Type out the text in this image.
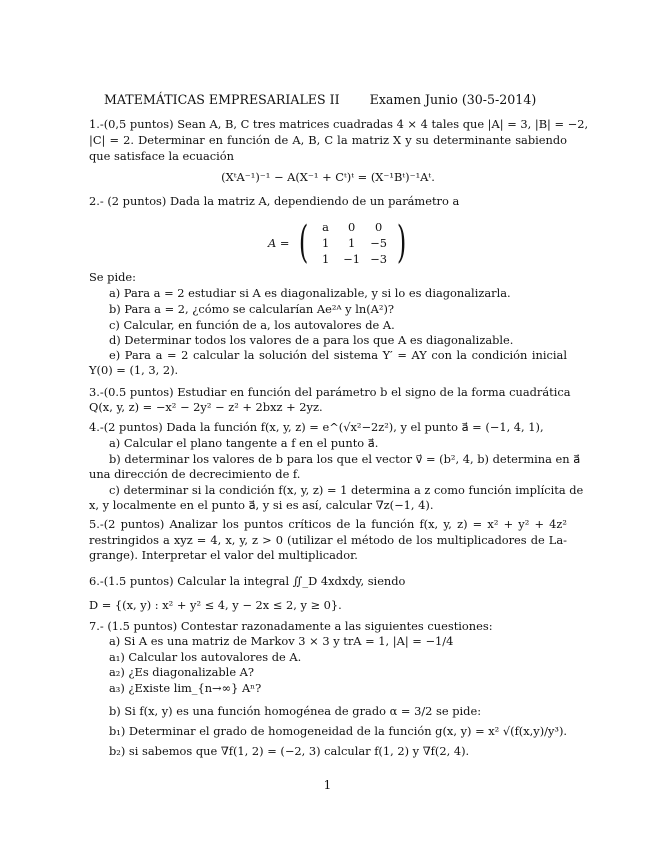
MATEMÁTICAS EMPRESARIALES II Examen Junio (30-5-2014)
1.-(0,5 puntos) Sean A, B, C tres matrices cuadradas 4 × 4 tales que |A| = 3, |B| = −2,
|C| = 2. Determinar en función de A, B, C la matriz X y su determinante sabiendo
que satisface la ecuación
(XᵗA⁻¹)⁻¹ − A(X⁻¹ + Cᵗ)ᵗ = (X⁻¹Bᵗ)⁻¹Aᵗ.
2.- (2 puntos) Dada la matriz A, dependiendo de un parámetro a
A = (	a	0	0
1	1	−5
1	−1 −3 )
Se pide:
a) Para a = 2 estudiar si A es diagonalizable, y si lo es diagonalizarla.
b) Para a = 2, ¿cómo se calcularían Ae²ᴬ y ln(A²)?
c) Calcular, en función de a, los autovalores de A.
d) Determinar todos los valores de a para los que A es diagonalizable.
e) Para a = 2 calcular la solución del sistema Y′ = AY con la condición inicial
Y(0) = (1, 3, 2).
3.-(0.5 puntos) Estudiar en función del parámetro b el signo de la forma cuadrática
Q(x, y, z) = −x² − 2y² − z² + 2bxz + 2yz.
4.-(2 puntos) Dada la función f(x, y, z) = e^(√x²−2z²), y el punto a⃗ = (−1, 4, 1),
a) Calcular el plano tangente a f en el punto a⃗.
b) determinar los valores de b para los que el vector v⃗ = (b², 4, b) determina en a⃗
una dirección de decrecimiento de f.
c) determinar si la condición f(x, y, z) = 1 determina a z como función implícita de
x, y localmente en el punto a⃗, y si es así, calcular ∇z(−1, 4).
5.-(2 puntos) Analizar los puntos críticos de la función f(x, y, z) = x² + y² + 4z²
restringidos a xyz = 4, x, y, z > 0 (utilizar el método de los multiplicadores de La-
grange). Interpretar el valor del multiplicador.
6.-(1.5 puntos) Calcular la integral ∬_D 4xdxdy, siendo
D = {(x, y) : x² + y² ≤ 4, y − 2x ≤ 2, y ≥ 0}.
7.- (1.5 puntos) Contestar razonadamente a las siguientes cuestiones:
a) Si A es una matriz de Markov 3 × 3 y trA = 1, |A| = −1/4
a₁) Calcular los autovalores de A.
a₂) ¿Es diagonalizable A?
a₃) ¿Existe lim_{n→∞} Aⁿ?
b) Si f(x, y) es una función homogénea de grado α = 3/2 se pide:
b₁) Determinar el grado de homogeneidad de la función g(x, y) = x² √(f(x,y)/y³).
b₂) si sabemos que ∇f(1, 2) = (−2, 3) calcular f(1, 2) y ∇f(2, 4).
1
